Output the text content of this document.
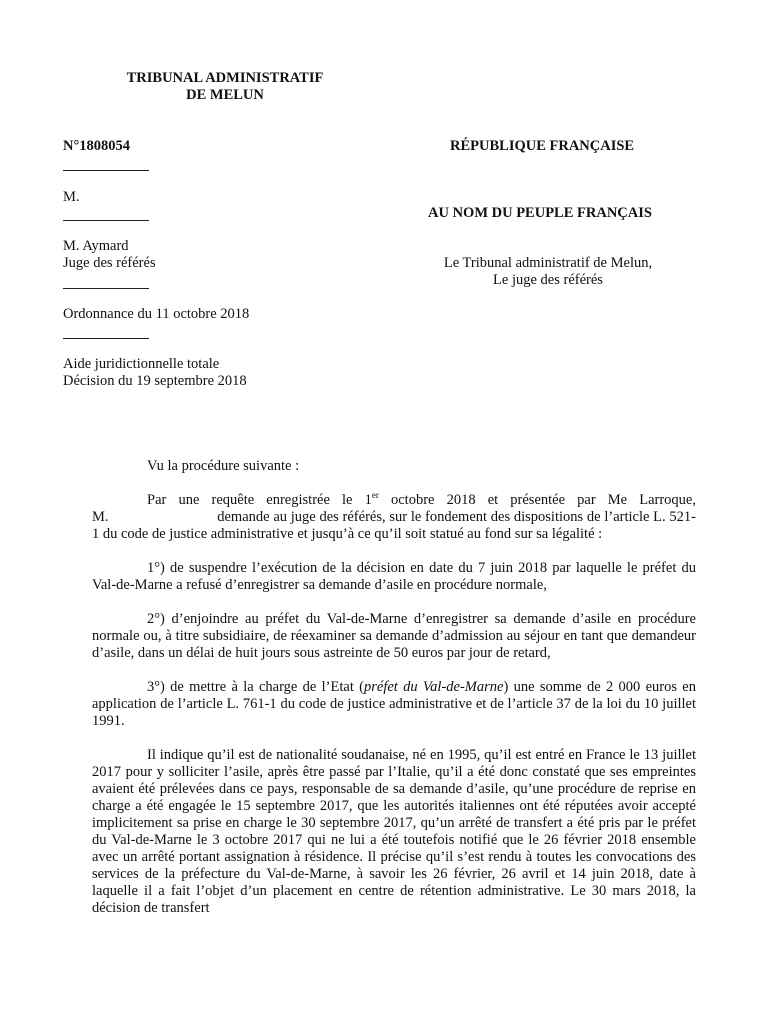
TRIBUNAL ADMINISTRATIF
DE MELUN
N°1808054
M.
M. Aymard
Juge des référés
Ordonnance du 11 octobre 2018
Aide juridictionnelle totale
Décision du 19 septembre 2018
RÉPUBLIQUE FRANÇAISE
AU NOM DU PEUPLE FRANÇAIS
Le Tribunal administratif de Melun,
Le juge des référés
Vu la procédure suivante :

Par une requête enregistrée le 1er octobre 2018 et présentée par Me Larroque, M.                             demande au juge des référés, sur le fondement des dispositions de l’article L. 521-1 du code de justice administrative et jusqu’à ce qu’il soit statué au fond sur sa légalité :

1°) de suspendre l’exécution de la décision en date du 7 juin 2018 par laquelle le préfet du Val-de-Marne a refusé d’enregistrer sa demande d’asile en procédure normale,

2°) d’enjoindre au préfet du Val-de-Marne d’enregistrer sa demande d’asile en procédure normale ou, à titre subsidiaire, de réexaminer sa demande d’admission au séjour en tant que demandeur d’asile, dans un délai de huit jours sous astreinte de 50 euros par jour de retard,

3°) de mettre à la charge de l’Etat (préfet du Val-de-Marne) une somme de 2 000 euros en application de l’article L. 761-1 du code de justice administrative et de l’article 37 de la loi du 10 juillet 1991.

Il indique qu’il est de nationalité soudanaise, né en 1995, qu’il est entré en France le 13 juillet 2017 pour y solliciter l’asile, après être passé par l’Italie, qu’il a été donc constaté que ses empreintes avaient été prélevées dans ce pays, responsable de sa demande d’asile, qu’une procédure de reprise en charge a été engagée le 15 septembre 2017, que les autorités italiennes ont été réputées avoir accepté implicitement sa prise en charge le 30 septembre 2017, qu’un arrêté de transfert a été pris par le préfet du Val-de-Marne le 3 octobre 2017 qui ne lui a été toutefois notifié que le 26 février 2018 ensemble avec un arrêté portant assignation à résidence. Il précise qu’il s’est rendu à toutes les convocations des services de la préfecture du Val-de-Marne, à savoir les 26 février, 26 avril et 14 juin 2018, date à laquelle il a fait l’objet d’un placement en centre de rétention administrative. Le 30 mars 2018, la décision de transfert
